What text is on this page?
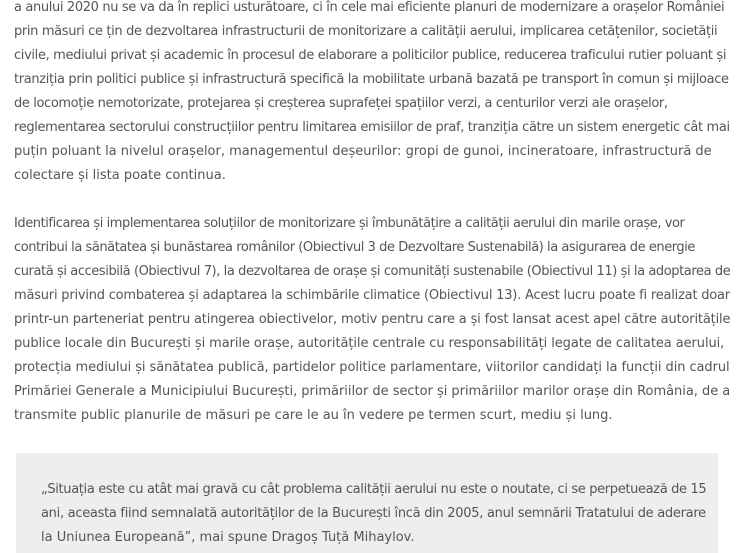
a anului 2020 nu se va da în replici usturătoare, ci în cele mai eficiente planuri de modernizare a orașelor României
prin măsuri ce țin de dezvoltarea infrastructurii de monitorizare a calității aerului, implicarea cetățenilor, societății
civile, mediului privat și academic în procesul de elaborare a politicilor publice, reducerea traficului rutier poluant și
tranziția prin politici publice și infrastructură specifică la mobilitate urbană bazată pe transport în comun și mijloace
de locomoție nemotorizate, protejarea și creșterea suprafeței spațiilor verzi, a centurilor verzi ale orașelor,
reglementarea sectorului construcțiilor pentru limitarea emisiilor de praf, tranziția către un sistem energetic cât mai
puțin poluant la nivelul orașelor, managementul deșeurilor: gropi de gunoi, incineratoare, infrastructură de
colectare și lista poate continua.
Identificarea și implementarea soluțiilor de monitorizare și îmbunătățire a calității aerului din marile orașe, vor
contribui la sănătatea și bunăstarea românilor (Obiectivul 3 de Dezvoltare Sustenabilă) la asigurarea de energie
curată și accesibilă (Obiectivul 7), la dezvoltarea de orașe și comunități sustenabile (Obiectivul 11) și la adoptarea de
măsuri privind combaterea și adaptarea la schimbările climatice (Obiectivul 13). Acest lucru poate fi realizat doar
printr-un parteneriat pentru atingerea obiectivelor, motiv pentru care a și fost lansat acest apel către autoritățile
publice locale din București și marile orașe, autoritățile centrale cu responsabilități legate de calitatea aerului,
protecția mediului și sănătatea publică, partidelor politice parlamentare, viitorilor candidați la funcții din cadrul
Primăriei Generale a Municipiului București, primăriilor de sector și primăriilor marilor orașe din România, de a
transmite public planurile de măsuri pe care le au în vedere pe termen scurt, mediu și lung.
„Situația este cu atât mai gravă cu cât problema calității aerului nu este o noutate, ci se perpetuează de 15
ani, aceasta fiind semnalată autorităților de la București încă din 2005, anul semnării Tratatului de aderare
la Uniunea Europeană”, mai spune Dragoș Tuță Mihaylov.
